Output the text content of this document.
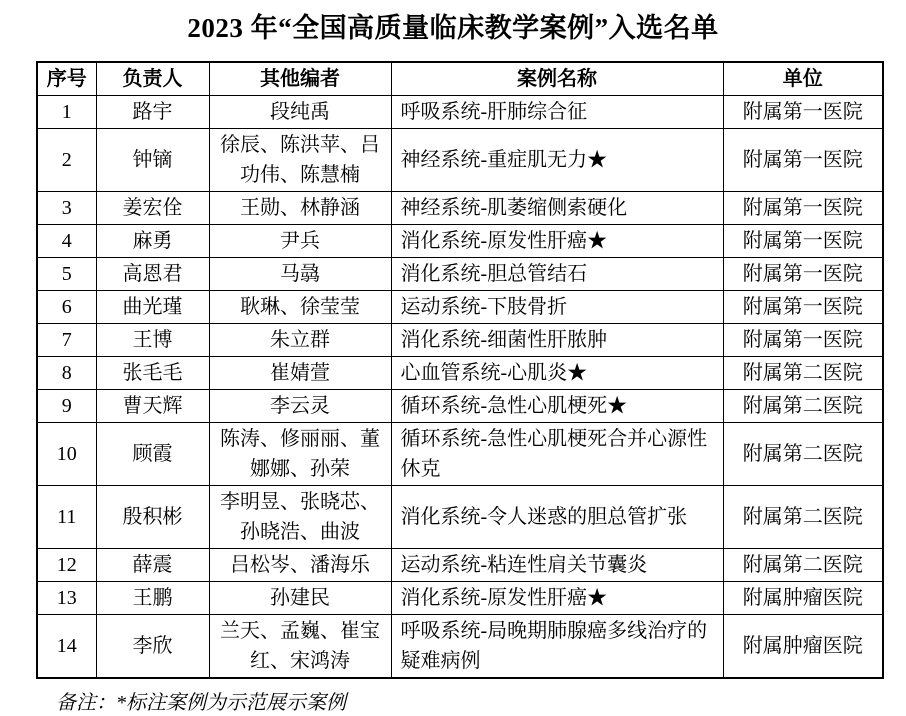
2023 年“全国高质量临床教学案例”入选名单
序号	负责人	其他编者	案例名称	单位
1	路宇	段纯禹	呼吸系统-肝肺综合征	附属第一医院
2	钟镝	徐辰、陈洪苹、吕功伟、陈慧楠	神经系统-重症肌无力★	附属第一医院
3	姜宏佺	王勋、林静涵	神经系统-肌萎缩侧索硬化	附属第一医院
4	麻勇	尹兵	消化系统-原发性肝癌★	附属第一医院
5	高恩君	马骉	消化系统-胆总管结石	附属第一医院
6	曲光瑾	耿琳、徐莹莹	运动系统-下肢骨折	附属第一医院
7	王博	朱立群	消化系统-细菌性肝脓肿	附属第一医院
8	张毛毛	崔婧萱	心血管系统-心肌炎★	附属第二医院
9	曹天辉	李云灵	循环系统-急性心肌梗死★	附属第二医院
10	顾霞	陈涛、修丽丽、董娜娜、孙荣	循环系统-急性心肌梗死合并心源性休克	附属第二医院
11	殷积彬	李明昱、张晓芯、孙晓浩、曲波	消化系统-令人迷惑的胆总管扩张	附属第二医院
12	薛震	吕松岑、潘海乐	运动系统-粘连性肩关节囊炎	附属第二医院
13	王鹏	孙建民	消化系统-原发性肝癌★	附属肿瘤医院
14	李欣	兰天、孟巍、崔宝红、宋鸿涛	呼吸系统-局晚期肺腺癌多线治疗的疑难病例	附属肿瘤医院

备注：*标注案例为示范展示案例
